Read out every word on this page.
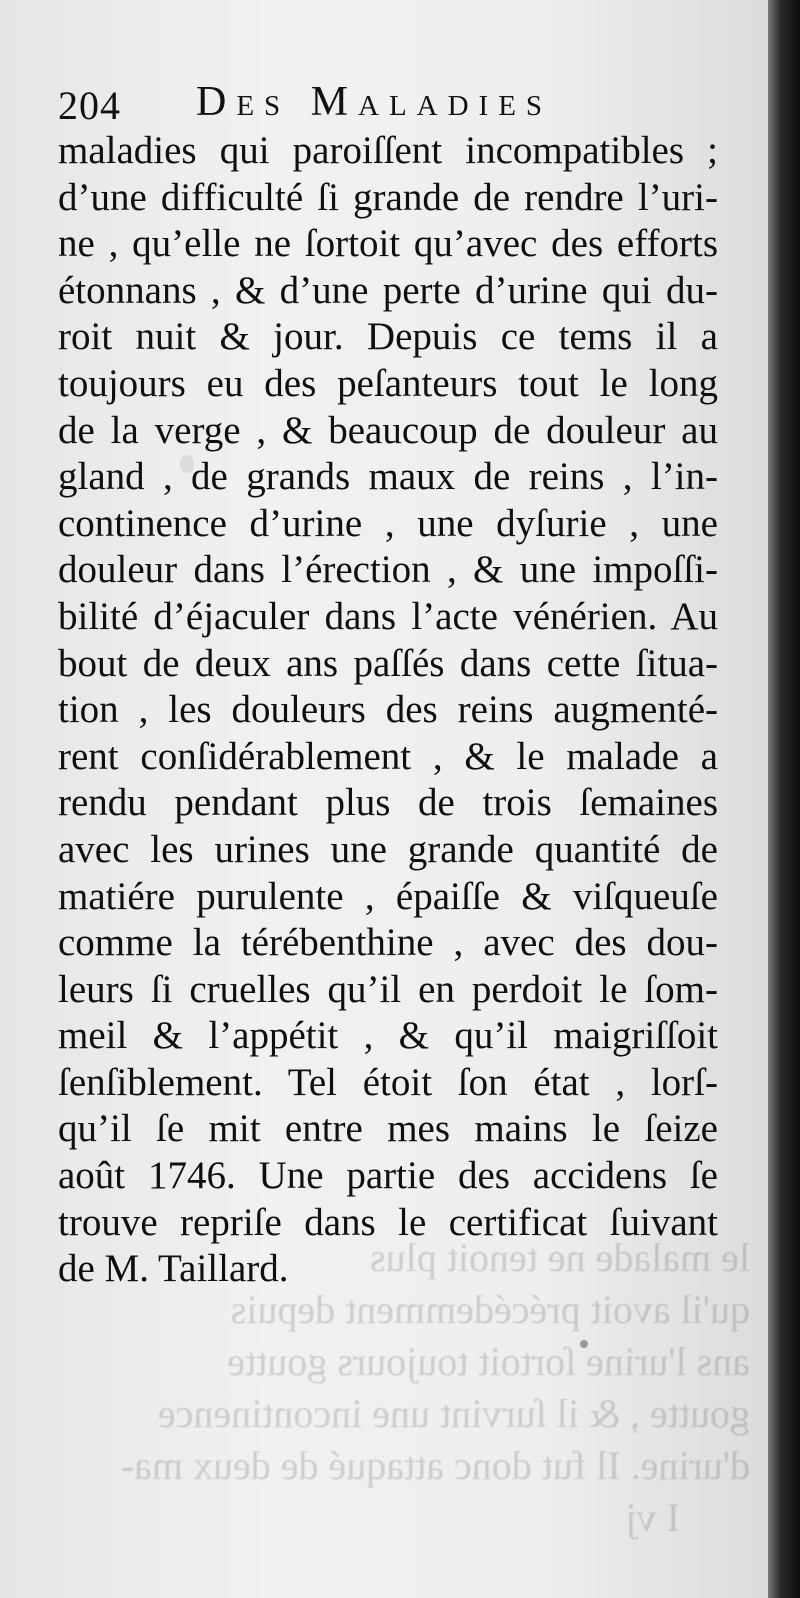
le malade ne tenoit plus
qu'il avoit précédemment depuis
ans l'urine ſortoit toujours goutte
goutte , & il ſurvint une incontinence
d'urine. Il fut donc attaqué de deux ma-
I vj
204 Des Maladies
maladies qui paroiſſent incompatibles ;
d’une difficulté ſi grande de rendre l’uri-
ne , qu’elle ne ſortoit qu’avec des efforts
étonnans , & d’une perte d’urine qui du-
roit nuit & jour. Depuis ce tems il a
toujours eu des peſanteurs tout le long
de la verge , & beaucoup de douleur au
gland , de grands maux de reins , l’in-
continence d’urine , une dyſurie , une
douleur dans l’érection , & une impoſſi-
bilité d’éjaculer dans l’acte vénérien. Au
bout de deux ans paſſés dans cette ſitua-
tion , les douleurs des reins augmenté-
rent conſidérablement , & le malade a
rendu pendant plus de trois ſemaines
avec les urines une grande quantité de
matiére purulente , épaiſſe & viſqueuſe
comme la térébenthine , avec des dou-
leurs ſi cruelles qu’il en perdoit le ſom-
meil & l’appétit , & qu’il maigriſſoit
ſenſiblement. Tel étoit ſon état , lorſ-
qu’il ſe mit entre mes mains le ſeize
août 1746. Une partie des accidens ſe
trouve repriſe dans le certificat ſuivant
de M. Taillard.
